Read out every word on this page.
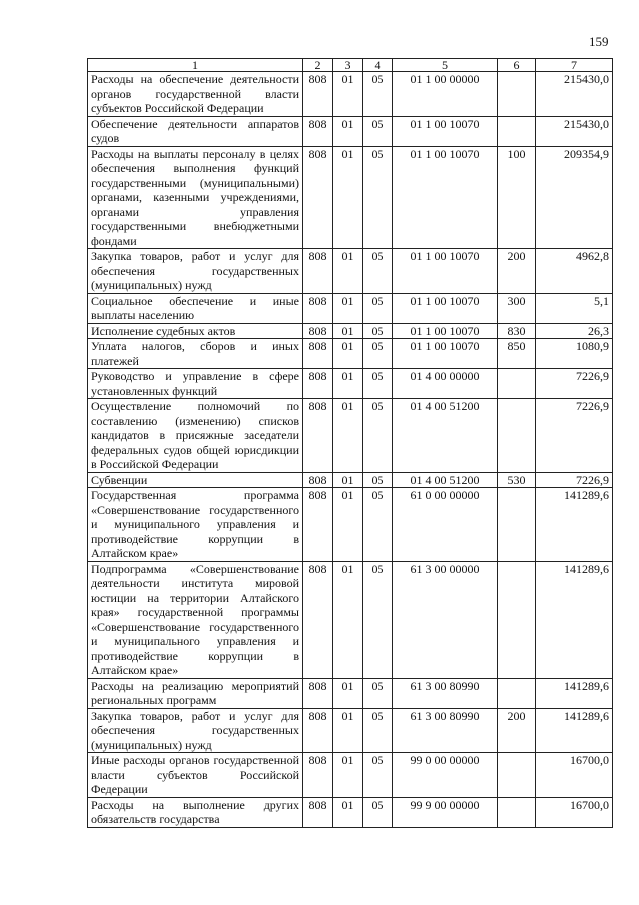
159
1	2	3	4	5	6	7
Расходы на обеспечение деятельности органов государственной власти субъектов Российской Федерации	808	01	05	01 1 00 00000		215430,0
Обеспечение деятельности аппаратов судов	808	01	05	01 1 00 10070		215430,0
Расходы на выплаты персоналу в целях обеспечения выполнения функций государственными (муниципальными) органами, казенными учреждениями, органами управления государственными внебюджетными фондами	808	01	05	01 1 00 10070	100	209354,9
Закупка товаров, работ и услуг для обеспечения государственных (муниципальных) нужд	808	01	05	01 1 00 10070	200	4962,8
Социальное обеспечение и иные выплаты населению	808	01	05	01 1 00 10070	300	5,1
Исполнение судебных актов	808	01	05	01 1 00 10070	830	26,3
Уплата налогов, сборов и иных платежей	808	01	05	01 1 00 10070	850	1080,9
Руководство и управление в сфере установленных функций	808	01	05	01 4 00 00000		7226,9
Осуществление полномочий по составлению (изменению) списков кандидатов в присяжные заседатели федеральных судов общей юрисдикции в Российской Федерации	808	01	05	01 4 00 51200		7226,9
Субвенции	808	01	05	01 4 00 51200	530	7226,9
Государственная программа «Совершенствование государственного и муниципального управления и противодействие коррупции в Алтайском крае»	808	01	05	61 0 00 00000		141289,6
Подпрограмма «Совершенствование деятельности института мировой юстиции на территории Алтайского края» государственной программы «Совершенствование государственного и муниципального управления и противодействие коррупции в Алтайском крае»	808	01	05	61 3 00 00000		141289,6
Расходы на реализацию мероприятий региональных программ	808	01	05	61 3 00 80990		141289,6
Закупка товаров, работ и услуг для обеспечения государственных (муниципальных) нужд	808	01	05	61 3 00 80990	200	141289,6
Иные расходы органов государственной власти субъектов Российской Федерации	808	01	05	99 0 00 00000		16700,0
Расходы на выполнение других обязательств государства	808	01	05	99 9 00 00000		16700,0
